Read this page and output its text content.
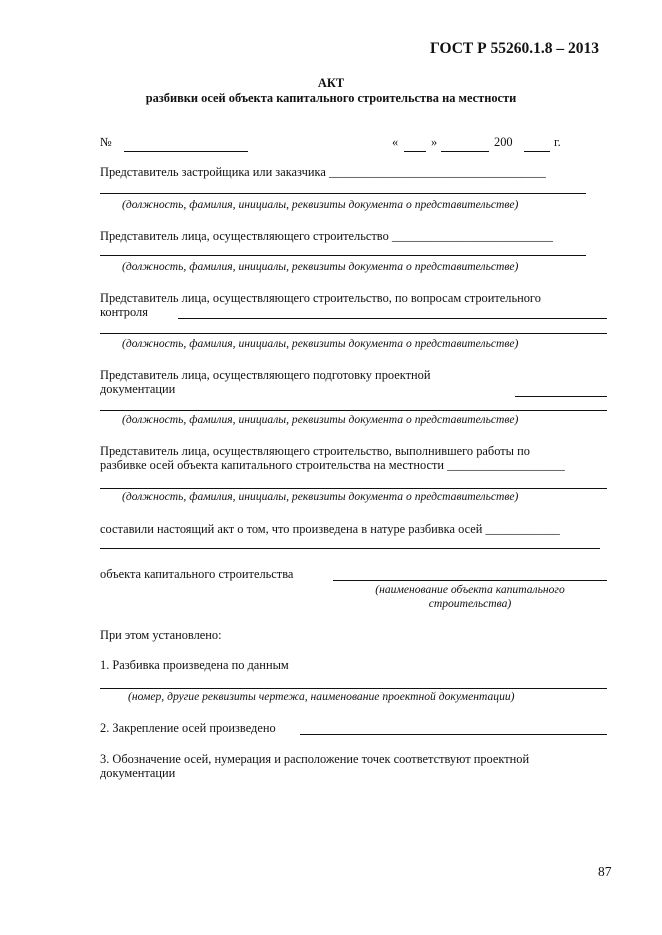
ГОСТ Р 55260.1.8 – 2013
АКТ
разбивки осей объекта капитального строительства на местности
№	«	»	200	г.
Представитель застройщика или заказчика ___________________________________
(должность, фамилия, инициалы, реквизиты документа о представительстве)
Представитель лица, осуществляющего строительство __________________________
(должность, фамилия, инициалы, реквизиты документа о представительстве)
Представитель лица, осуществляющего строительство, по вопросам строительного
контроля
(должность, фамилия, инициалы, реквизиты документа о представительстве)
Представитель лица, осуществляющего подготовку проектной
документации
(должность, фамилия, инициалы, реквизиты документа о представительстве)
Представитель лица, осуществляющего строительство, выполнившего работы по
разбивке осей объекта капитального строительства на местности ___________________
(должность, фамилия, инициалы, реквизиты документа о представительстве)
составили настоящий акт о том, что произведена в натуре разбивка осей ____________
объекта капитального строительства
(наименование объекта капитального
строительства)
При этом установлено:
1. Разбивка произведена по данным
(номер, другие реквизиты чертежа, наименование проектной документации)
2. Закрепление осей произведено
3. Обозначение осей, нумерация и расположение точек соответствуют проектной
документации
87
